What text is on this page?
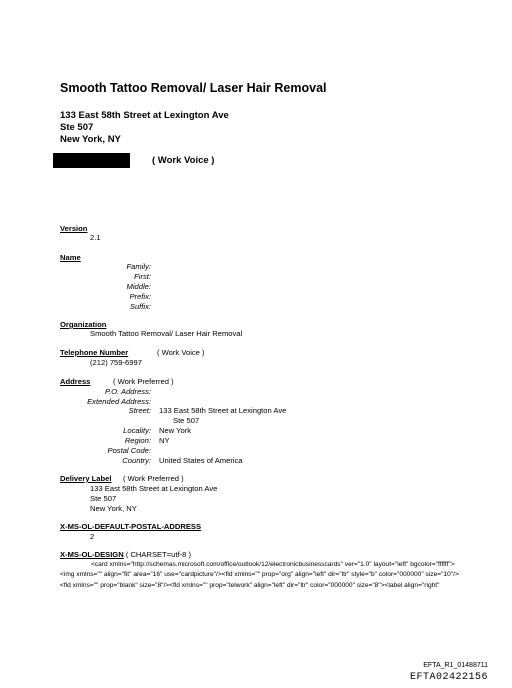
Smooth Tattoo Removal/ Laser Hair Removal
133 East 58th Street at Lexington Ave
Ste 507
New York, NY
( Work Voice )
Version
2.1
Name
Family:
First:
Middle:
Prefix:
Suffix:
Organization
Smooth Tattoo Removal/ Laser Hair Removal
Telephone Number	( Work Voice )
(212) 759-6997
Address	( Work Preferred )
P.O. Address:
Extended Address:
Street: 133 East 58th Street at Lexington Ave
Ste 507
Locality: New York
Region: NY
Postal Code:
Country: United States of America
Delivery Label ( Work Preferred )
133 East 58th Street at Lexington Ave
Ste 507
New York, NY
X-MS-OL-DEFAULT-POSTAL-ADDRESS
2
X-MS-OL-DESIGN ( CHARSET=utf-8 )
<card xmlns="http://schemas.microsoft.com/office/outlook/12/electronicbusinesscards" ver="1.0" layout="left" bgcolor="ffffff"><img xmlns="" align="fit" area="16" use="cardpicture"/><fld xmlns="" prop="org" align="left" dir="ltr" style="b" color="000000" size="10"/><fld xmlns="" prop="blank" size="8"/><fld xmlns="" prop="telwork" align="left" dir="ltr" color="000000" size="8"><label align="right"
EFTA_R1_01488711
EFTA02422156
